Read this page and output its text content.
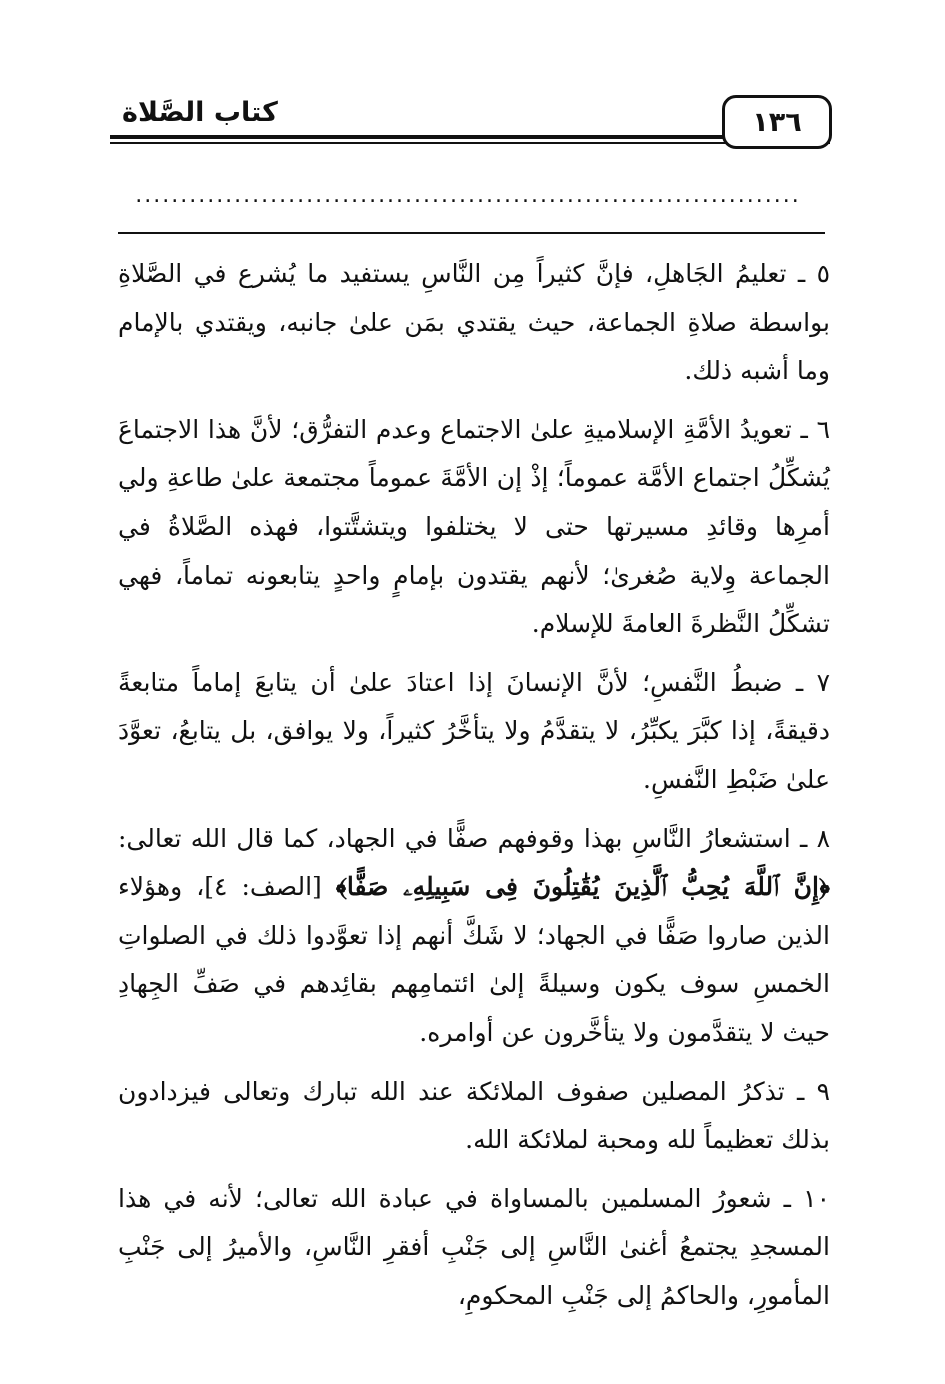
كتاب الصَّلاة	١٣٦
..........................................................................

٥ ـ تعليمُ الجَاهلِ، فإنَّ كثيراً مِن النَّاسِ يستفيد ما يُشرع في الصَّلاةِ بواسطة صلاةِ الجماعة، حيث يقتدي بمَن علىٰ جانبه، ويقتدي بالإمام وما أشبه ذلك.

٦ ـ تعويدُ الأمَّةِ الإسلاميةِ علىٰ الاجتماع وعدم التفرُّق؛ لأنَّ هذا الاجتماعَ يُشكِّلُ اجتماع الأمَّة عموماً؛ إذْ إن الأمَّةَ عموماً مجتمعة علىٰ طاعةِ ولي أمرِها وقائدِ مسيرتها حتى لا يختلفوا ويتشتَّتوا، فهذه الصَّلاةُ في الجماعة وِلاية صُغرىٰ؛ لأنهم يقتدون بإمامٍ واحدٍ يتابعونه تماماً، فهي تشكِّلُ النَّظرةَ العامةَ للإسلام.

٧ ـ ضبطُ النَّفسِ؛ لأنَّ الإنسانَ إذا اعتادَ علىٰ أن يتابعَ إماماً متابعةً دقيقةً، إذا كبَّرَ يكبِّرُ، لا يتقدَّمُ ولا يتأخَّرُ كثيراً، ولا يوافق، بل يتابعُ، تعوَّدَ علىٰ ضَبْطِ النَّفسِ.

٨ ـ استشعارُ النَّاسِ بهذا وقوفهم صفًّا في الجهاد، كما قال الله تعالى: ﴿إِنَّ ٱللَّهَ يُحِبُّ ٱلَّذِينَ يُقَٰتِلُونَ فِى سَبِيلِهِۦ صَفًّا﴾ [الصف: ٤]، وهؤلاء الذين صاروا صَفًّا في الجهاد؛ لا شَكَّ أنهم إذا تعوَّدوا ذلك في الصلواتِ الخمسِ سوف يكون وسيلةً إلىٰ ائتمامِهم بقائِدهم في صَفِّ الجِهادِ حيث لا يتقدَّمون ولا يتأخَّرون عن أوامره.

٩ ـ تذكرُ المصلين صفوف الملائكة عند الله تبارك وتعالى فيزدادون بذلك تعظيماً لله ومحبة لملائكة الله.

١٠ ـ شعورُ المسلمين بالمساواة في عبادة الله تعالى؛ لأنه في هذا المسجدِ يجتمعُ أغنىٰ النَّاسِ إلى جَنْبِ أفقرِ النَّاسِ، والأميرُ إلى جَنْبِ المأمورِ، والحاكمُ إلى جَنْبِ المحكومِ،
